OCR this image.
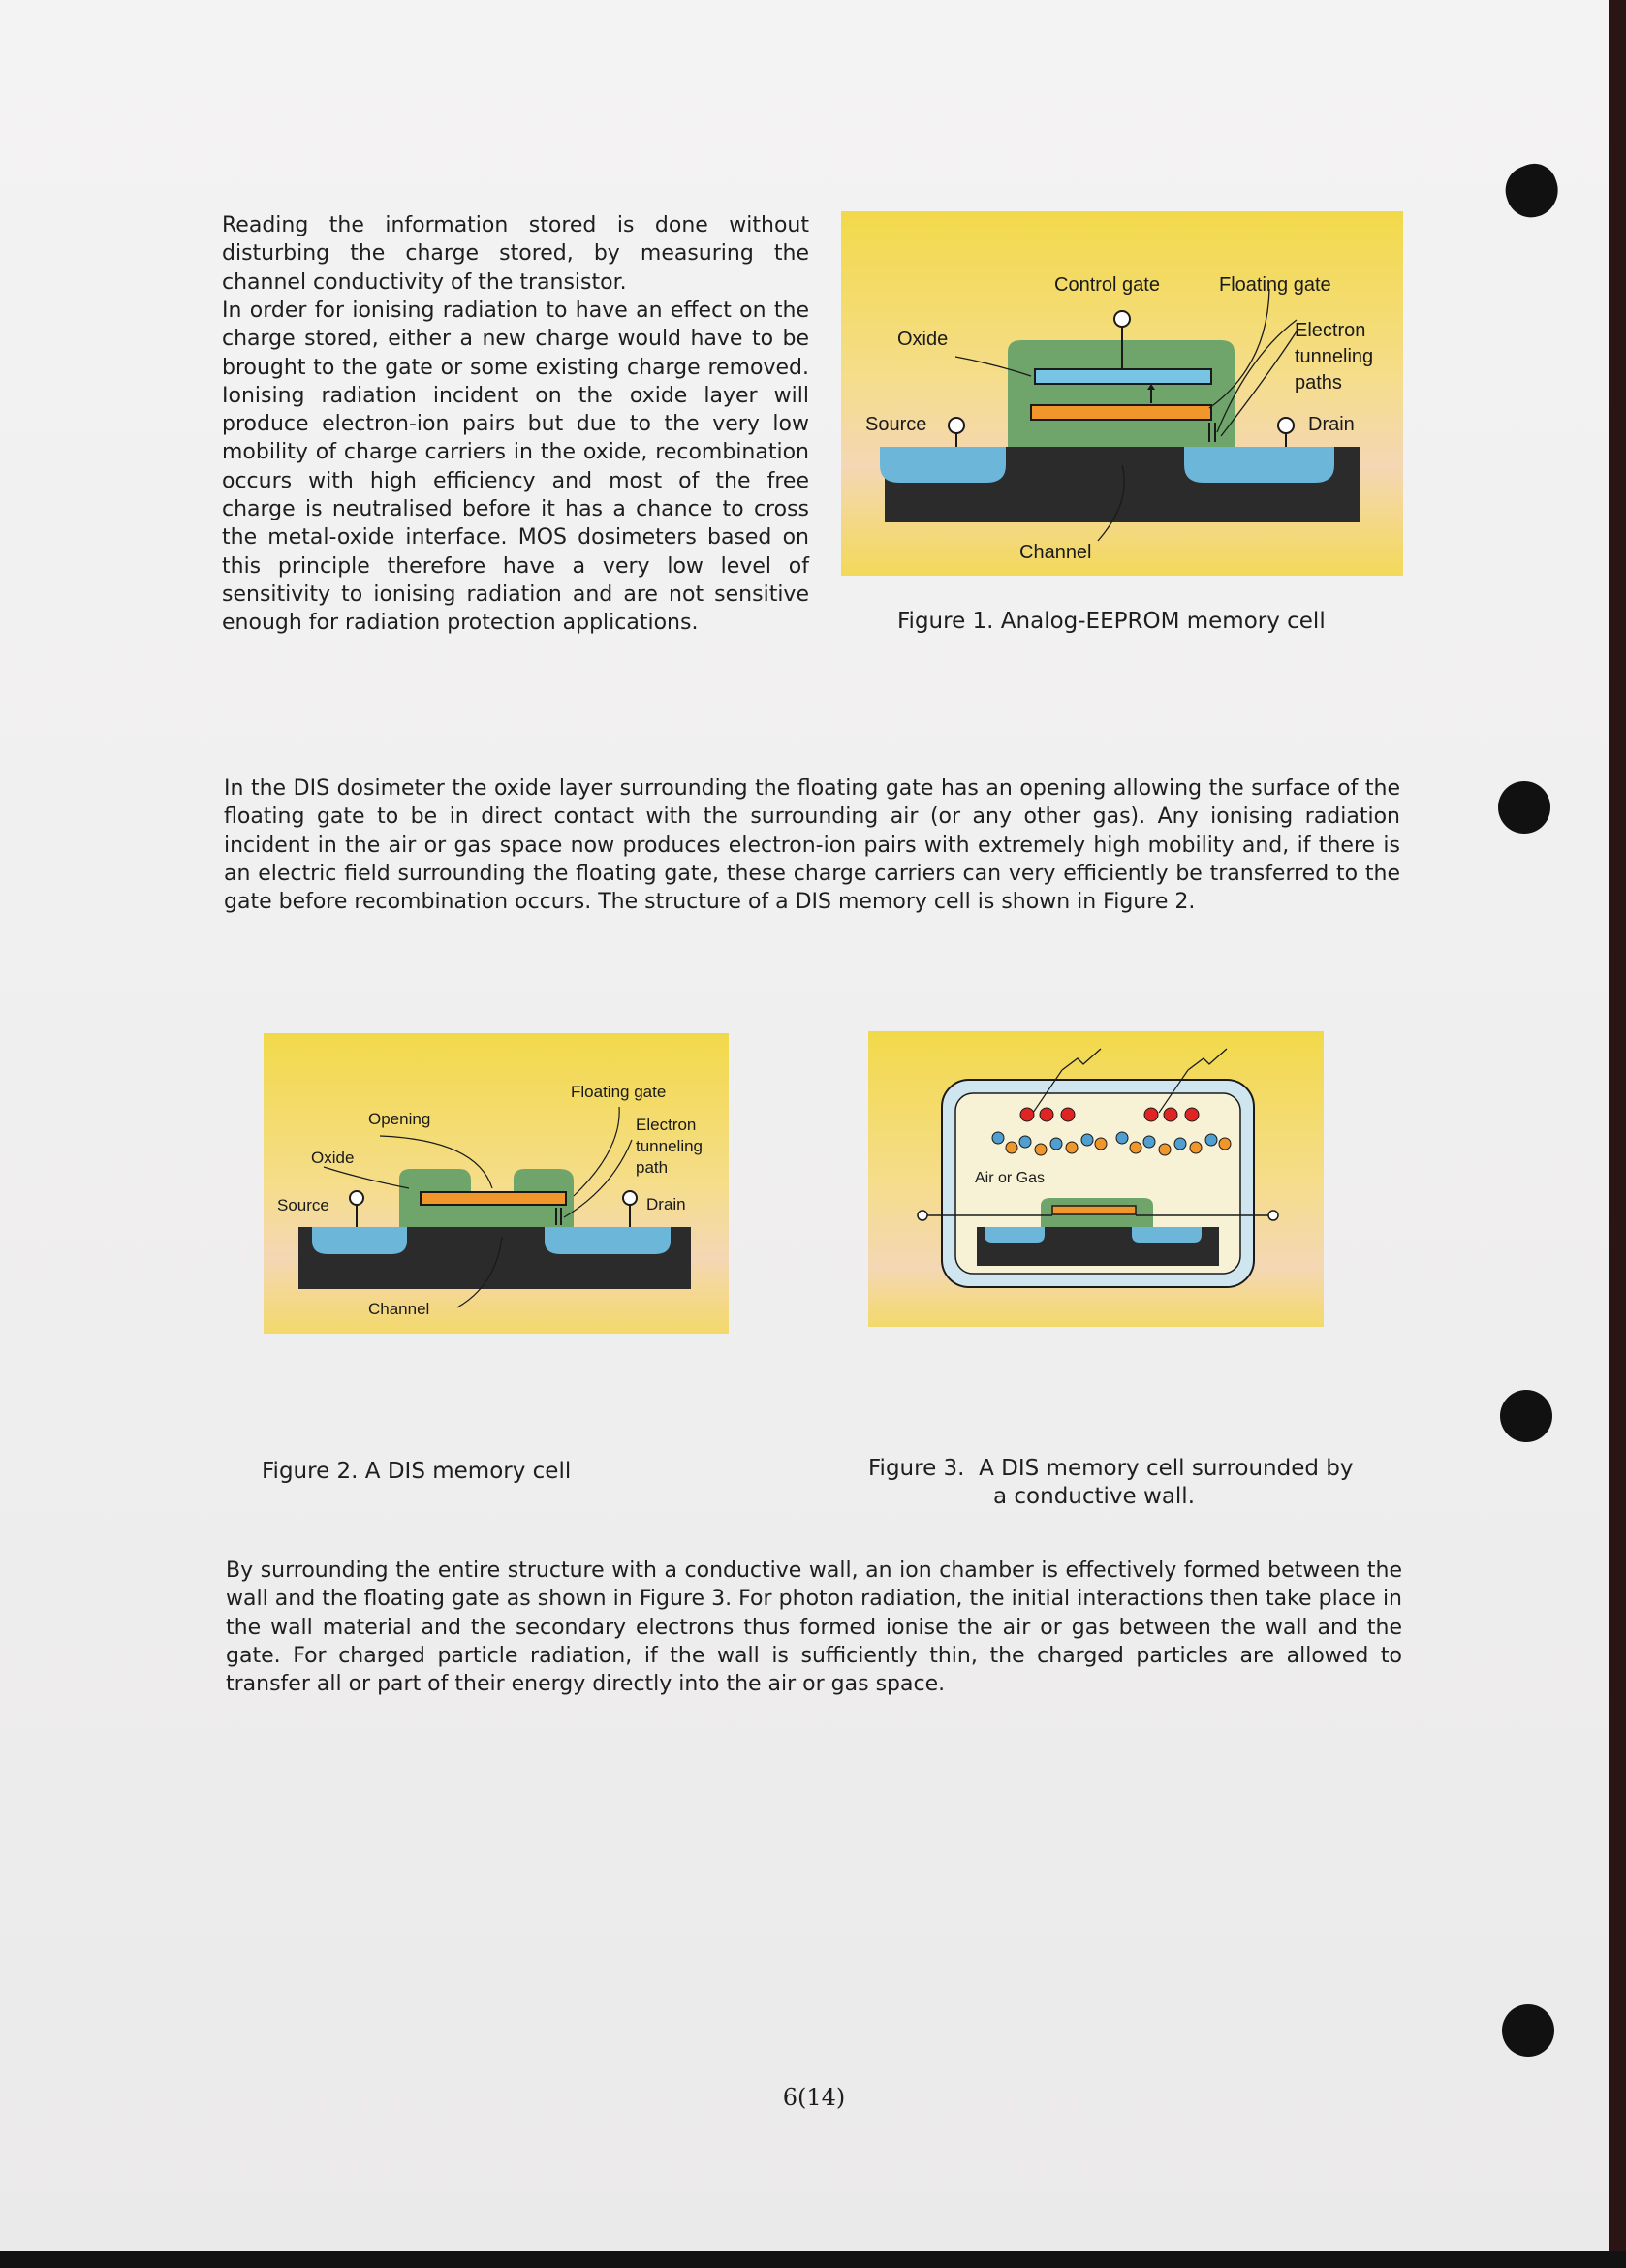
Reading the information stored is done without disturbing the charge stored, by measuring the channel conductivity of the transistor.

In order for ionising radiation to have an effect on the charge stored, either a new charge would have to be brought to the gate or some existing charge removed. Ionising radiation incident on the oxide layer will produce electron-ion pairs but due to the very low mobility of charge carriers in the oxide, recombination occurs with high efficiency and most of the free charge is neutralised before it has a chance to cross the metal-oxide interface. MOS dosimeters based on this principle therefore have a very low level of sensitivity to ionising radiation and are not sensitive enough for radiation protection applications.

Control gate	Floating gate
Oxide	Electron
tunneling
paths
Source	Drain
Channel

Figure 1. Analog-EEPROM memory cell

In the DIS dosimeter the oxide layer surrounding the floating gate has an opening allowing the surface of the floating gate to be in direct contact with the surrounding air (or any other gas). Any ionising radiation incident in the air or gas space now produces electron-ion pairs with extremely high mobility and, if there is an electric field surrounding the floating gate, these charge carriers can very efficiently be transferred to the gate before recombination occurs. The structure of a DIS memory cell is shown in Figure 2.

Floating gate
Opening	Electron
tunneling
path
Oxide
Source	Drain
Channel

Figure 2. A DIS memory cell

Air or Gas

Figure 3.  A DIS memory cell surrounded by

a conductive wall.

By surrounding the entire structure with a conductive wall, an ion chamber is effectively formed between the wall and the floating gate as shown in Figure 3. For photon radiation, the initial interactions then take place in the wall material and the secondary electrons thus formed ionise the air or gas between the wall and the gate. For charged particle radiation, if the wall is sufficiently thin, the charged particles are allowed to transfer all or part of their energy directly into the air or gas space.

6(14)
